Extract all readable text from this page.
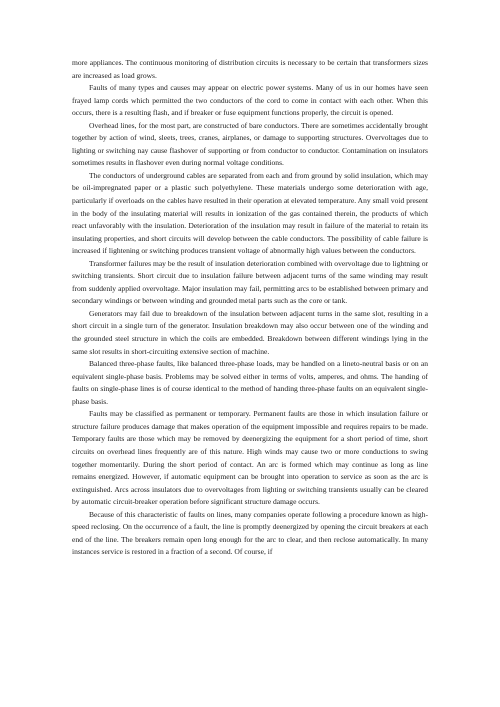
more appliances. The continuous monitoring of distribution circuits is necessary to be certain that transformers sizes are increased as load grows.

Faults of many types and causes may appear on electric power systems. Many of us in our homes have seen frayed lamp cords which permitted the two conductors of the cord to come in contact with each other. When this occurs, there is a resulting flash, and if breaker or fuse equipment functions properly, the circuit is opened.

Overhead lines, for the most part, are constructed of bare conductors. There are sometimes accidentally brought together by action of wind, sleets, trees, cranes, airplanes, or damage to supporting structures. Overvoltages due to lighting or switching nay cause flashover of supporting or from conductor to conductor. Contamination on insulators sometimes results in flashover even during normal voltage conditions.

The conductors of underground cables are separated from each and from ground by solid insulation, which may be oil-impregnated paper or a plastic such polyethylene. These materials undergo some deterioration with age, particularly if overloads on the cables have resulted in their operation at elevated temperature. Any small void present in the body of the insulating material will results in ionization of the gas contained therein, the products of which react unfavorably with the insulation. Deterioration of the insulation may result in failure of the material to retain its insulating properties, and short circuits will develop between the cable conductors. The possibility of cable failure is increased if lightening or switching produces transient voltage of abnormally high values between the conductors.

Transformer failures may be the result of insulation deterioration combined with overvoltage due to lightning or switching transients. Short circuit due to insulation failure between adjacent turns of the same winding may result from suddenly applied overvoltage. Major insulation may fail, permitting arcs to be established between primary and secondary windings or between winding and grounded metal parts such as the core or tank.

Generators may fail due to breakdown of the insulation between adjacent turns in the same slot, resulting in a short circuit in a single turn of the generator. Insulation breakdown may also occur between one of the winding and the grounded steel structure in which the coils are embedded. Breakdown between different windings lying in the same slot results in short-circuiting extensive section of machine.

Balanced three-phase faults, like balanced three-phase loads, may be handled on a lineto-neutral basis or on an equivalent single-phase basis. Problems may be solved either in terms of volts, amperes, and ohms. The handing of faults on single-phase lines is of course identical to the method of handing three-phase faults on an equivalent single-phase basis.

Faults may be classified as permanent or temporary. Permanent faults are those in which insulation failure or structure failure produces damage that makes operation of the equipment impossible and requires repairs to be made. Temporary faults are those which may be removed by deenergizing the equipment for a short period of time, short circuits on overhead lines frequently are of this nature. High winds may cause two or more conductions to swing together momentarily. During the short period of contact. An arc is formed which may continue as long as line remains energized. However, if automatic equipment can be brought into operation to service as soon as the arc is extinguished. Arcs across insulators due to overvoltages from lighting or switching transients usually can be cleared by automatic circuit-breaker operation before significant structure damage occurs.

Because of this characteristic of faults on lines, many companies operate following a procedure known as high-speed reclosing. On the occurrence of a fault, the line is promptly deenergized by opening the circuit breakers at each end of the line. The breakers remain open long enough for the arc to clear, and then reclose automatically. In many instances service is restored in a fraction of a second. Of course, if
